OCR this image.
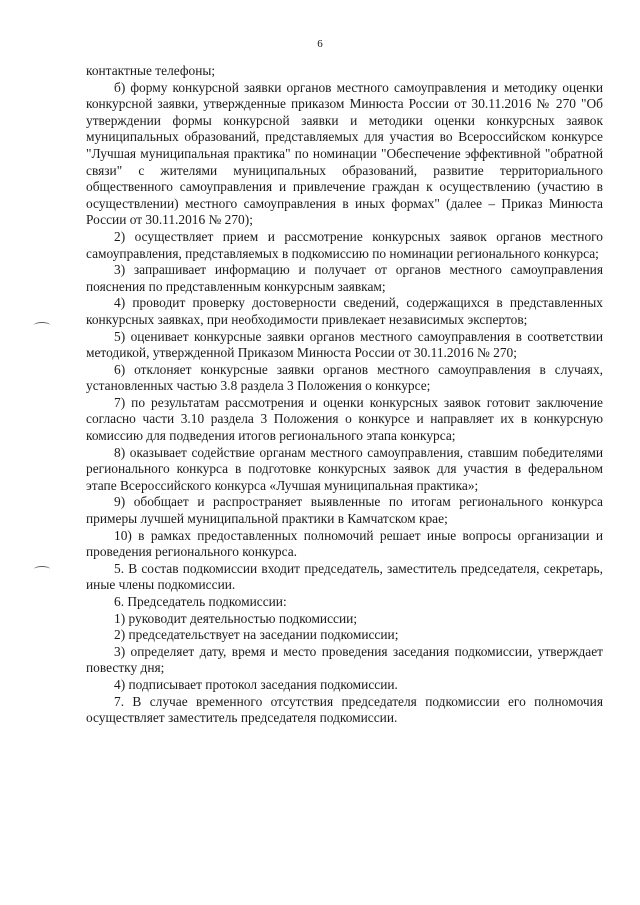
6

контактные телефоны;

б) форму конкурсной заявки органов местного самоуправления и методику оценки конкурсной заявки, утвержденные приказом Минюста России от 30.11.2016 № 270 "Об утверждении формы конкурсной заявки и методики оценки конкурсных заявок муниципальных образований, представляемых для участия во Всероссийском конкурсе "Лучшая муниципальная практика" по номинации "Обеспечение эффективной "обратной связи" с жителями муниципальных образований, развитие территориального общественного самоуправления и привлечение граждан к осуществлению (участию в осуществлении) местного самоуправления в иных формах" (далее – Приказ Минюста России от 30.11.2016 № 270);

2) осуществляет прием и рассмотрение конкурсных заявок органов местного самоуправления, представляемых в подкомиссию по номинации регионального конкурса;

3) запрашивает информацию и получает от органов местного самоуправления пояснения по представленным конкурсным заявкам;

4) проводит проверку достоверности сведений, содержащихся в представленных конкурсных заявках, при необходимости привлекает независимых экспертов;

5) оценивает конкурсные заявки органов местного самоуправления в соответствии методикой, утвержденной Приказом Минюста России от 30.11.2016 № 270;

6) отклоняет конкурсные заявки органов местного самоуправления в случаях, установленных частью 3.8 раздела 3 Положения о конкурсе;

7) по результатам рассмотрения и оценки конкурсных заявок готовит заключение согласно части 3.10 раздела 3 Положения о конкурсе и направляет их в конкурсную комиссию для подведения итогов регионального этапа конкурса;

8) оказывает содействие органам местного самоуправления, ставшим победителями регионального конкурса в подготовке конкурсных заявок для участия в федеральном этапе Всероссийского конкурса «Лучшая муниципальная практика»;

9) обобщает и распространяет выявленные по итогам регионального конкурса примеры лучшей муниципальной практики в Камчатском крае;

10) в рамках предоставленных полномочий решает иные вопросы организации и проведения регионального конкурса.

5. В состав подкомиссии входит председатель, заместитель председателя, секретарь, иные члены подкомиссии.

6. Председатель подкомиссии:

1) руководит деятельностью подкомиссии;

2) председательствует на заседании подкомиссии;

3) определяет дату, время и место проведения заседания подкомиссии, утверждает повестку дня;

4) подписывает протокол заседания подкомиссии.

7. В случае временного отсутствия председателя подкомиссии его полномочия осуществляет заместитель председателя подкомиссии.
